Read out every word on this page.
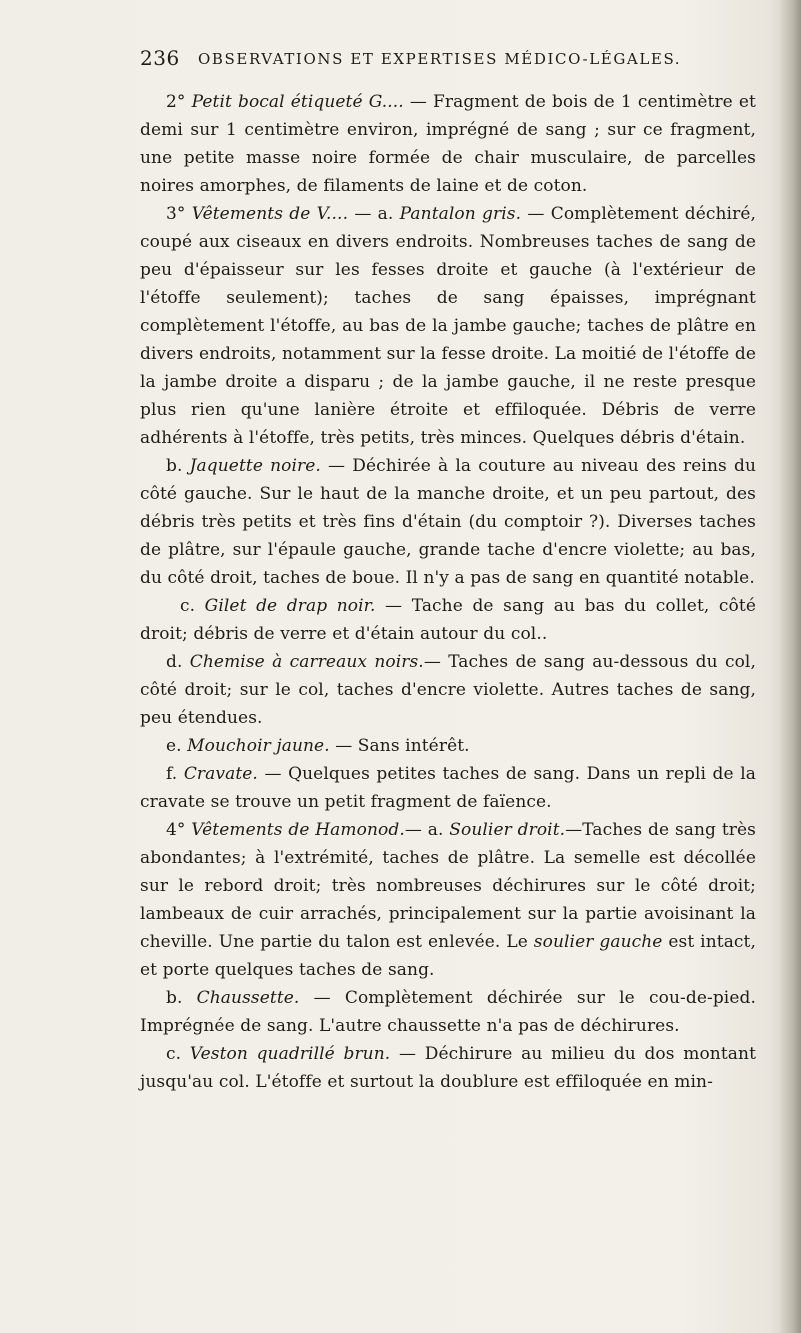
236 OBSERVATIONS ET EXPERTISES MÉDICO-LÉGALES.

2° Petit bocal étiqueté G.... — Fragment de bois de 1 centimètre et demi sur 1 centimètre environ, imprégné de sang ; sur ce fragment, une petite masse noire formée de chair musculaire, de parcelles noires amorphes, de filaments de laine et de coton.

3° Vêtements de V.... — a. Pantalon gris. — Complètement déchiré, coupé aux ciseaux en divers endroits. Nombreuses taches de sang de peu d'épaisseur sur les fesses droite et gauche (à l'extérieur de l'étoffe seulement); taches de sang épaisses, imprégnant complètement l'étoffe, au bas de la jambe gauche; taches de plâtre en divers endroits, notamment sur la fesse droite. La moitié de l'étoffe de la jambe droite a disparu ; de la jambe gauche, il ne reste presque plus rien qu'une lanière étroite et effiloquée. Débris de verre adhérents à l'étoffe, très petits, très minces. Quelques débris d'étain.

b. Jaquette noire. — Déchirée à la couture au niveau des reins du côté gauche. Sur le haut de la manche droite, et un peu partout, des débris très petits et très fins d'étain (du comptoir ?). Diverses taches de plâtre, sur l'épaule gauche, grande tache d'encre violette; au bas, du côté droit, taches de boue. Il n'y a pas de sang en quantité notable.

c. Gilet de drap noir. — Tache de sang au bas du collet, côté droit; débris de verre et d'étain autour du col..

d. Chemise à carreaux noirs.— Taches de sang au-dessous du col, côté droit; sur le col, taches d'encre violette. Autres taches de sang, peu étendues.

e. Mouchoir jaune. — Sans intérêt.

f. Cravate. — Quelques petites taches de sang. Dans un repli de la cravate se trouve un petit fragment de faïence.

4° Vêtements de Hamonod.— a. Soulier droit.—Taches de sang très abondantes; à l'extrémité, taches de plâtre. La semelle est décollée sur le rebord droit; très nombreuses déchirures sur le côté droit; lambeaux de cuir arrachés, principalement sur la partie avoisinant la cheville. Une partie du talon est enlevée. Le soulier gauche est intact, et porte quelques taches de sang.

b. Chaussette. — Complètement déchirée sur le cou-de-pied. Imprégnée de sang. L'autre chaussette n'a pas de déchirures.

c. Veston quadrillé brun. — Déchirure au milieu du dos montant jusqu'au col. L'étoffe et surtout la doublure est effiloquée en min-
